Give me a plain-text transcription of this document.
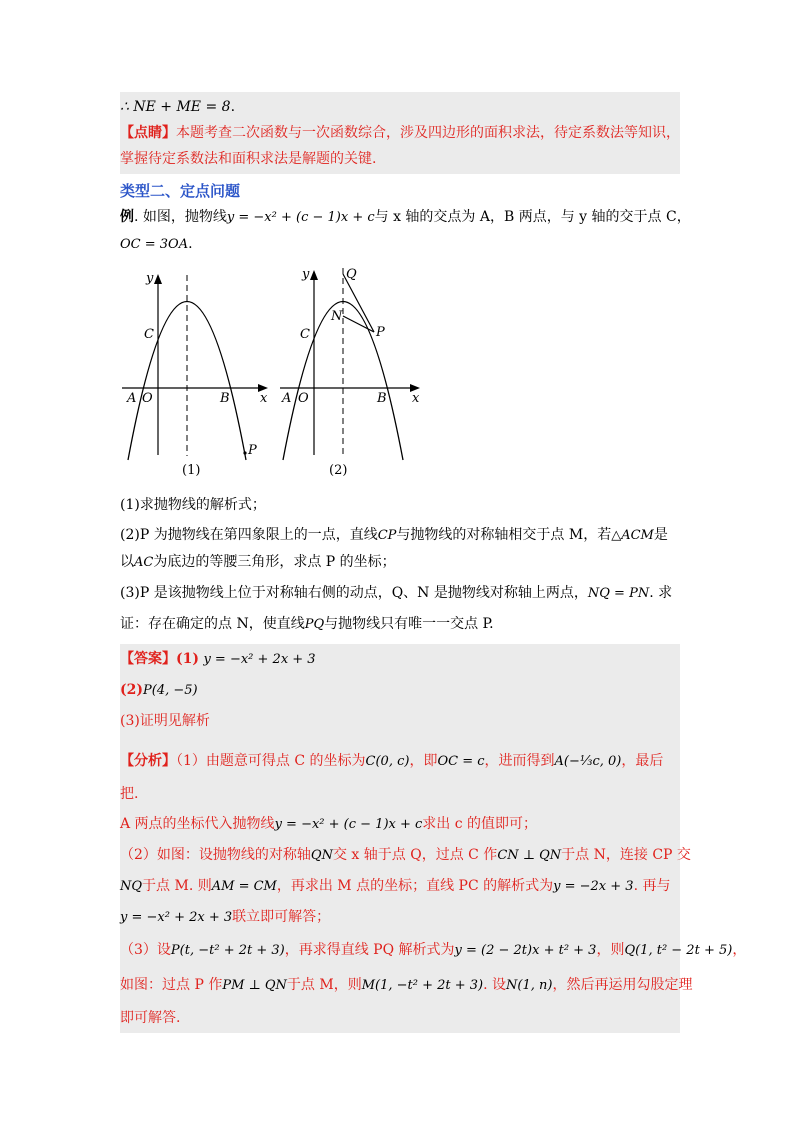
∴ NE + ME = 8.
【点睛】本题考查二次函数与一次函数综合，涉及四边形的面积求法，待定系数法等知识，
掌握待定系数法和面积求法是解题的关键.
类型二、定点问题
例. 如图，抛物线y = −x² + (c − 1)x + c与 x 轴的交点为 A，B 两点，与 y 轴的交于点 C，
OC = 3OA.
y
x
C
A O	B
P
(1)
y
x
C
A O	B
Q
N
P
(2)
(1)求抛物线的解析式；
(2)P 为抛物线在第四象限上的一点，直线CP与抛物线的对称轴相交于点 M，若△ACM是
以AC为底边的等腰三角形，求点 P 的坐标；
(3)P 是该抛物线上位于对称轴右侧的动点，Q、N 是抛物线对称轴上两点，NQ = PN. 求
证：存在确定的点 N，使直线PQ与抛物线只有唯一一交点 P.
【答案】(1) y = −x² + 2x + 3
(2)P(4, −5)
(3)证明见解析
【分析】（1）由题意可得点 C 的坐标为C(0, c)，即OC = c，进而得到A(−⅓c, 0)，最后
把.
A 两点的坐标代入抛物线y = −x² + (c − 1)x + c求出 c 的值即可；
（2）如图：设抛物线的对称轴QN交 x 轴于点 Q，过点 C 作CN ⊥ QN于点 N，连接 CP 交
NQ于点 M. 则AM = CM，再求出 M 点的坐标；直线 PC 的解析式为y = −2x + 3. 再与
y = −x² + 2x + 3联立即可解答；
（3）设P(t, −t² + 2t + 3)，再求得直线 PQ 解析式为y = (2 − 2t)x + t² + 3，则Q(1, t² − 2t + 5)，
如图：过点 P 作PM ⊥ QN于点 M，则M(1, −t² + 2t + 3). 设N(1, n)，然后再运用勾股定理
即可解答.
